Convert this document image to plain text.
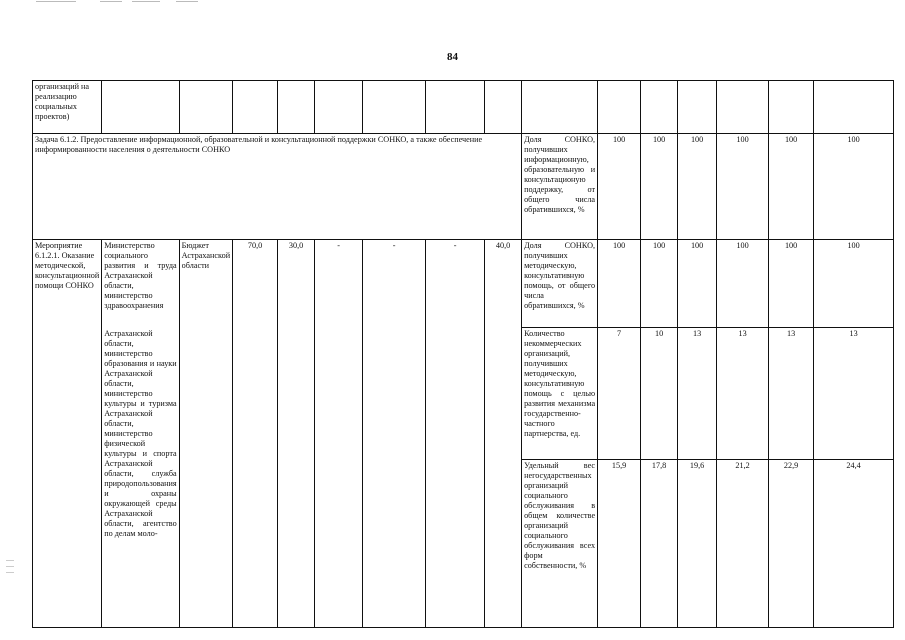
84
организаций на реализацию социальных проектов)															
Задача 6.1.2. Предоставление информационной, образовательной и консультационной поддержки СОНКО, а также обеспечение информированности населения о деятельности СОНКО									Доля СОНКО, получивших информационную, образовательную и консультационую поддержку, от общего числа обратившихся, %	100	100	100	100	100	100
Мероприятие 6.1.2.1. Оказание методической, консультационной помощи СОНКО	Министерство социального развития и труда Астраханской области, министерство здравоохранения	Бюджет Астраханской области	70,0	30,0	-	-	-	40,0	Доля СОНКО, получивших методическую, консультативную помощь, от общего числа обратившихся, %	100	100	100	100	100	100
	Астраханской области, министерство образования и науки Астраханской области, министерство культуры и туризма Астраханской области, министерство физической культуры и спорта Астраханской области, служба природопользования и охраны окружающей среды Астраханской области, агентство по делам моло-								Количество некоммерческих организаций, получивших методическую, консультативную помощь с целью развития механизма государственно-частного партнерства, ед.	7	10	13	13	13	13
									Удельный вес негосударственных организаций социального обслуживания в общем количестве организаций социального обслуживания всех форм собственности, %	15,9	17,8	19,6	21,2	22,9	24,4
